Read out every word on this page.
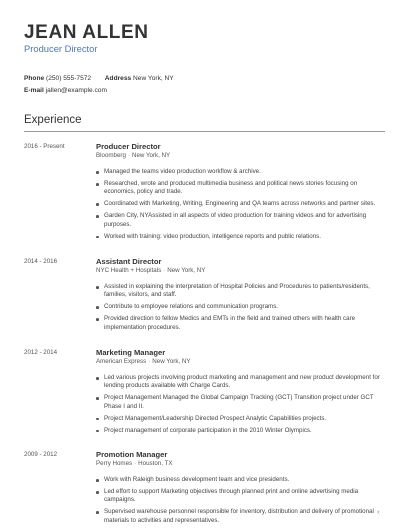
JEAN ALLEN
Producer Director
Phone (250) 555-7572 Address New York, NY
E-mail jallen@example.com
Experience
2016 - Present	Producer Director
Bloomberg · New York, NY
Managed the teams video production workflow & archive.
Researched, wrote and produced multimedia business and political news stories focusing on economics, policy and trade.
Coordinated with Marketing, Writing, Engineering and QA teams across networks and partner sites.
Garden City, NYAssisted in all aspects of video production for training videos and for advertising purposes.
Worked with training: video production, intelligence reports and public relations.
2014 - 2016	Assistant Director
NYC Health + Hospitals · New York, NY
Assisted in explaining the interpretation of Hospital Policies and Procedures to patients/residents, families, visitors, and staff.
Contribute to employee relations and communication programs.
Provided direction to fellow Medics and EMTs in the field and trained others with health care implementation procedures.
2012 - 2014	Marketing Manager
American Express · New York, NY
Led various projects involving product marketing and management and new product development for lending products available with Charge Cards.
Project Management Managed the Global Campaign Tracking (GCT) Transition project under GCT Phase I and II.
Project Management/Leadership Directed Prospect Analytic Capabilities projects.
Project management of corporate participation in the 2010 Winter Olympics.
2009 - 2012	Promotion Manager
Perry Homes · Houston, TX
Work with Raleigh business development team and vice presidents.
Led effort to support Marketing objectives through planned print and online advertising media campaigns.
Supervised warehouse personnel responsible for inventory, distribution and delivery of promotional materials to activities and representatives.
›
